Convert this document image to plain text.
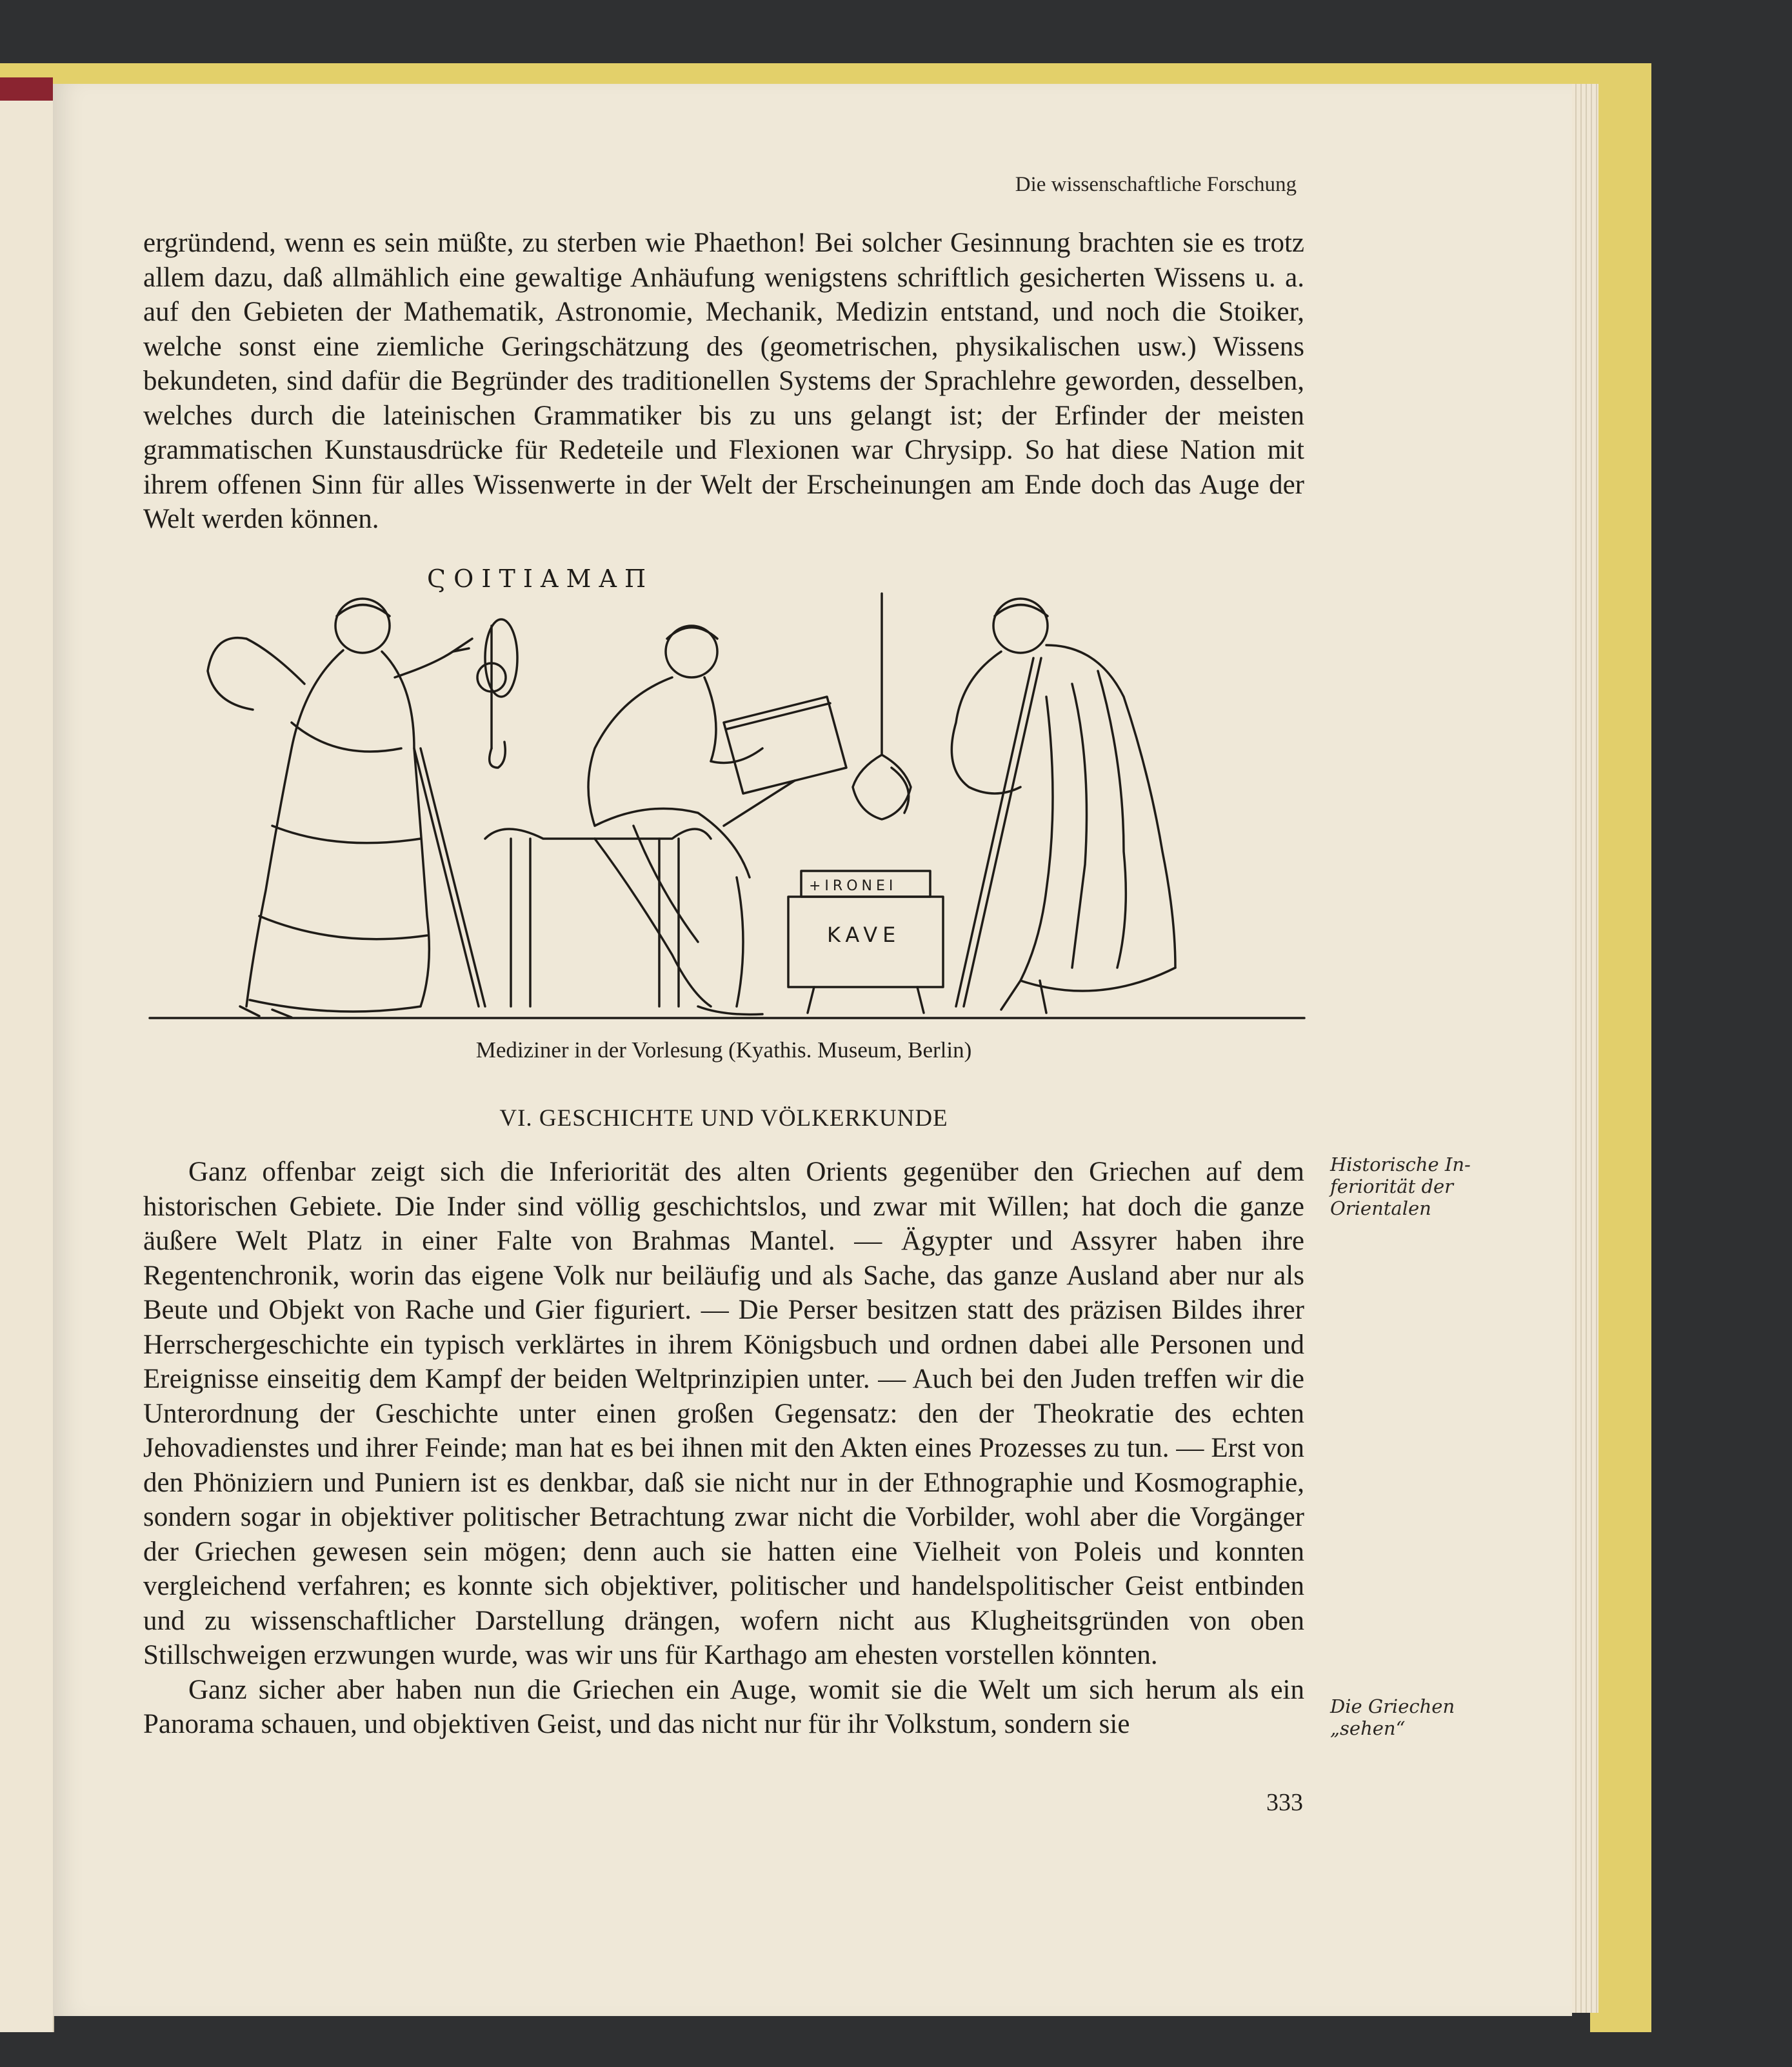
Die wissenschaftliche Forschung

ergründend, wenn es sein müßte, zu sterben wie Phaethon! Bei solcher Gesinnung brachten sie es trotz allem dazu, daß allmählich eine gewaltige Anhäufung wenigstens schriftlich gesicherten Wissens u. a. auf den Gebieten der Mathematik, Astronomie, Mechanik, Medizin entstand, und noch die Stoiker, welche sonst eine ziemliche Geringschätzung des (geometrischen, physikalischen usw.) Wissens bekundeten, sind dafür die Begründer des traditionellen Systems der Sprachlehre geworden, desselben, welches durch die lateinischen Grammatiker bis zu uns gelangt ist; der Erfinder der meisten grammatischen Kunstausdrücke für Redeteile und Flexionen war Chrysipp. So hat diese Nation mit ihrem offenen Sinn für alles Wissenwerte in der Welt der Erscheinungen am Ende doch das Auge der Welt werden können.

Ϛ Ο Ι Τ Ι Α Μ Α Π
+IRONEI
KAVE
Mediziner in der Vorlesung (Kyathis. Museum, Berlin)
VI. GESCHICHTE UND VÖLKERKUNDE

Ganz offenbar zeigt sich die Inferiorität des alten Orients gegenüber den Griechen auf dem historischen Gebiete. Die Inder sind völlig geschichtslos, und zwar mit Willen; hat doch die ganze äußere Welt Platz in einer Falte von Brahmas Mantel. — Ägypter und Assyrer haben ihre Regentenchronik, worin das eigene Volk nur beiläufig und als Sache, das ganze Ausland aber nur als Beute und Objekt von Rache und Gier figuriert. — Die Perser besitzen statt des präzisen Bildes ihrer Herrschergeschichte ein typisch verklärtes in ihrem Königsbuch und ordnen dabei alle Personen und Ereignisse einseitig dem Kampf der beiden Weltprinzipien unter. — Auch bei den Juden treffen wir die Unterordnung der Geschichte unter einen großen Gegensatz: den der Theokratie des echten Jehovadienstes und ihrer Feinde; man hat es bei ihnen mit den Akten eines Prozesses zu tun. — Erst von den Phöniziern und Puniern ist es denkbar, daß sie nicht nur in der Ethnographie und Kosmographie, sondern sogar in objektiver politischer Betrachtung zwar nicht die Vorbilder, wohl aber die Vorgänger der Griechen gewesen sein mögen; denn auch sie hatten eine Vielheit von Poleis und konnten vergleichend verfahren; es konnte sich objektiver, politischer und handelspolitischer Geist entbinden und zu wissenschaftlicher Darstellung drängen, wofern nicht aus Klugheitsgründen von oben Stillschweigen erzwungen wurde, was wir uns für Karthago am ehesten vorstellen könnten.

Ganz sicher aber haben nun die Griechen ein Auge, womit sie die Welt um sich herum als ein Panorama schauen, und objektiven Geist, und das nicht nur für ihr Volkstum, sondern sie

Historische In-
feriorität der
Orientalen
Die Griechen
„sehen“
333
